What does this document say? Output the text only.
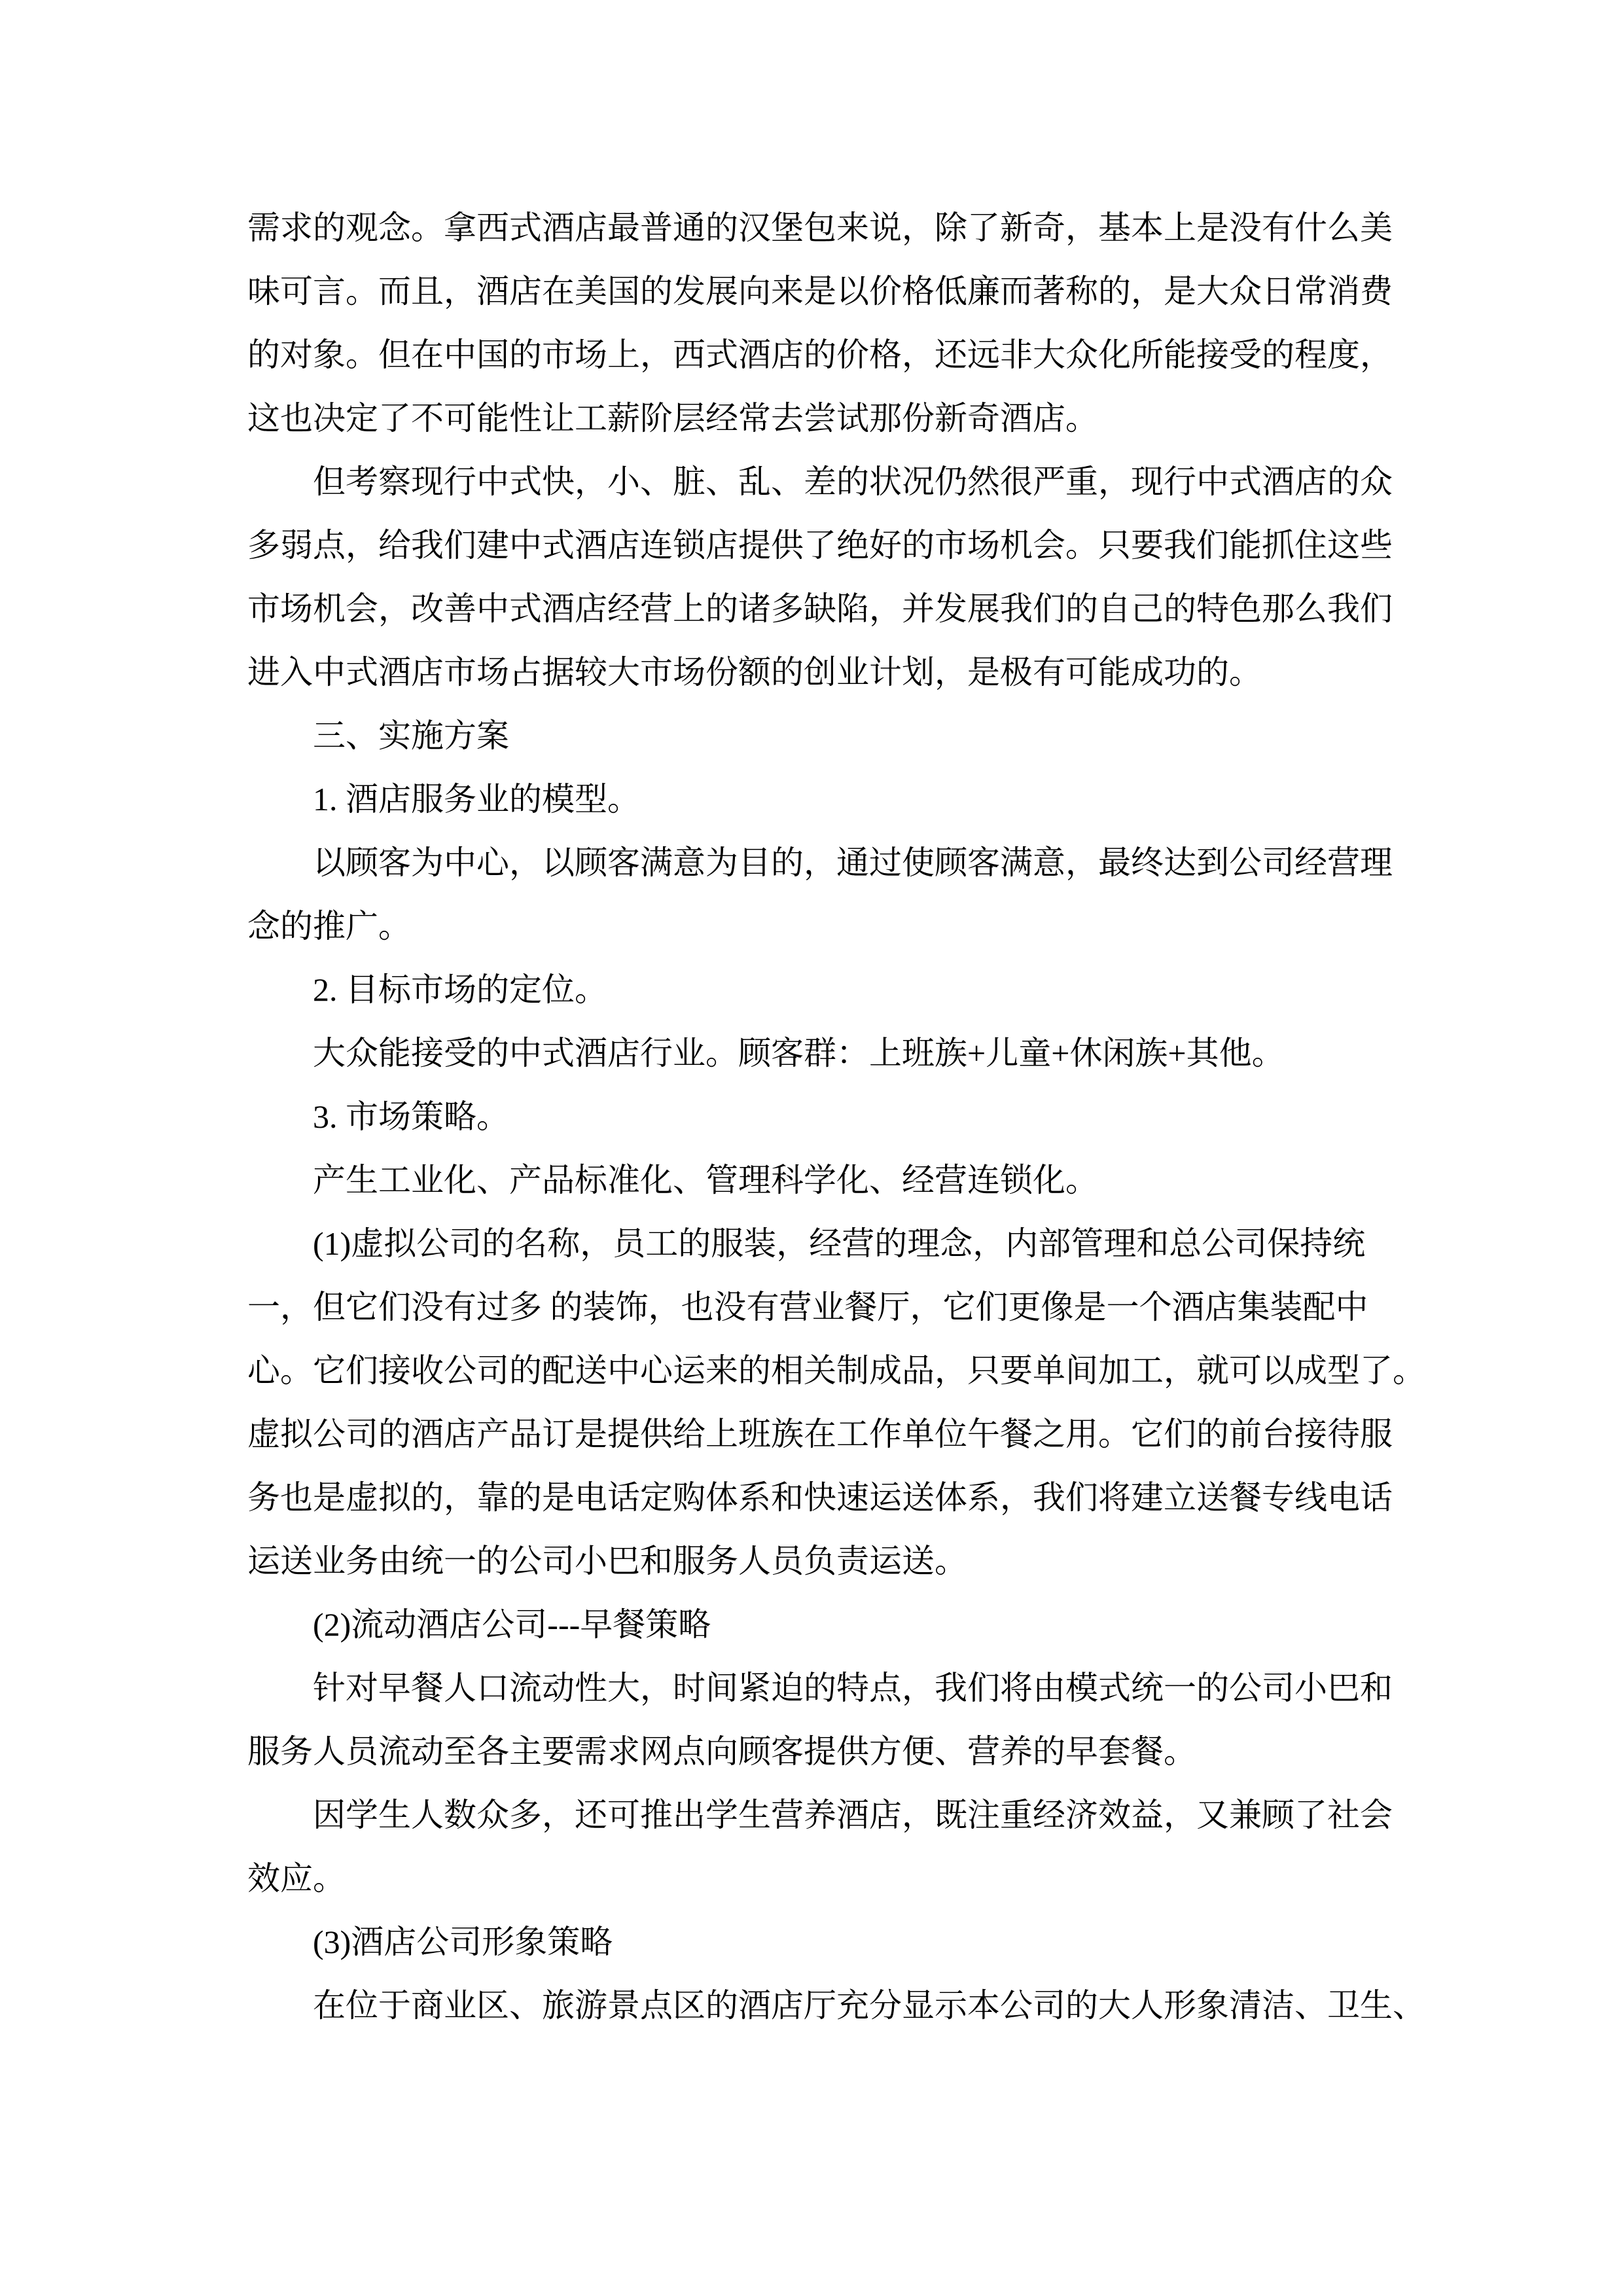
需求的观念。拿西式酒店最普通的汉堡包来说，除了新奇，基本上是没有什么美
味可言。而且，酒店在美国的发展向来是以价格低廉而著称的，是大众日常消费
的对象。但在中国的市场上，西式酒店的价格，还远非大众化所能接受的程度，
这也决定了不可能性让工薪阶层经常去尝试那份新奇酒店。
但考察现行中式快，小、脏、乱、差的状况仍然很严重，现行中式酒店的众
多弱点，给我们建中式酒店连锁店提供了绝好的市场机会。只要我们能抓住这些
市场机会，改善中式酒店经营上的诸多缺陷，并发展我们的自己的特色那么我们
进入中式酒店市场占据较大市场份额的创业计划，是极有可能成功的。
三、实施方案
1. 酒店服务业的模型。
以顾客为中心，以顾客满意为目的，通过使顾客满意，最终达到公司经营理
念的推广。
2. 目标市场的定位。
大众能接受的中式酒店行业。顾客群：上班族+儿童+休闲族+其他。
3. 市场策略。
产生工业化、产品标准化、管理科学化、经营连锁化。
(1)虚拟公司的名称，员工的服装，经营的理念，内部管理和总公司保持统
一，但它们没有过多 的装饰，也没有营业餐厅，它们更像是一个酒店集装配中
心。它们接收公司的配送中心运来的相关制成品，只要单间加工，就可以成型了。
虚拟公司的酒店产品订是提供给上班族在工作单位午餐之用。它们的前台接待服
务也是虚拟的，靠的是电话定购体系和快速运送体系，我们将建立送餐专线电话
运送业务由统一的公司小巴和服务人员负责运送。
(2)流动酒店公司---早餐策略
针对早餐人口流动性大，时间紧迫的特点，我们将由模式统一的公司小巴和
服务人员流动至各主要需求网点向顾客提供方便、营养的早套餐。
因学生人数众多，还可推出学生营养酒店，既注重经济效益，又兼顾了社会
效应。
(3)酒店公司形象策略
在位于商业区、旅游景点区的酒店厅充分显示本公司的大人形象清洁、卫生、
